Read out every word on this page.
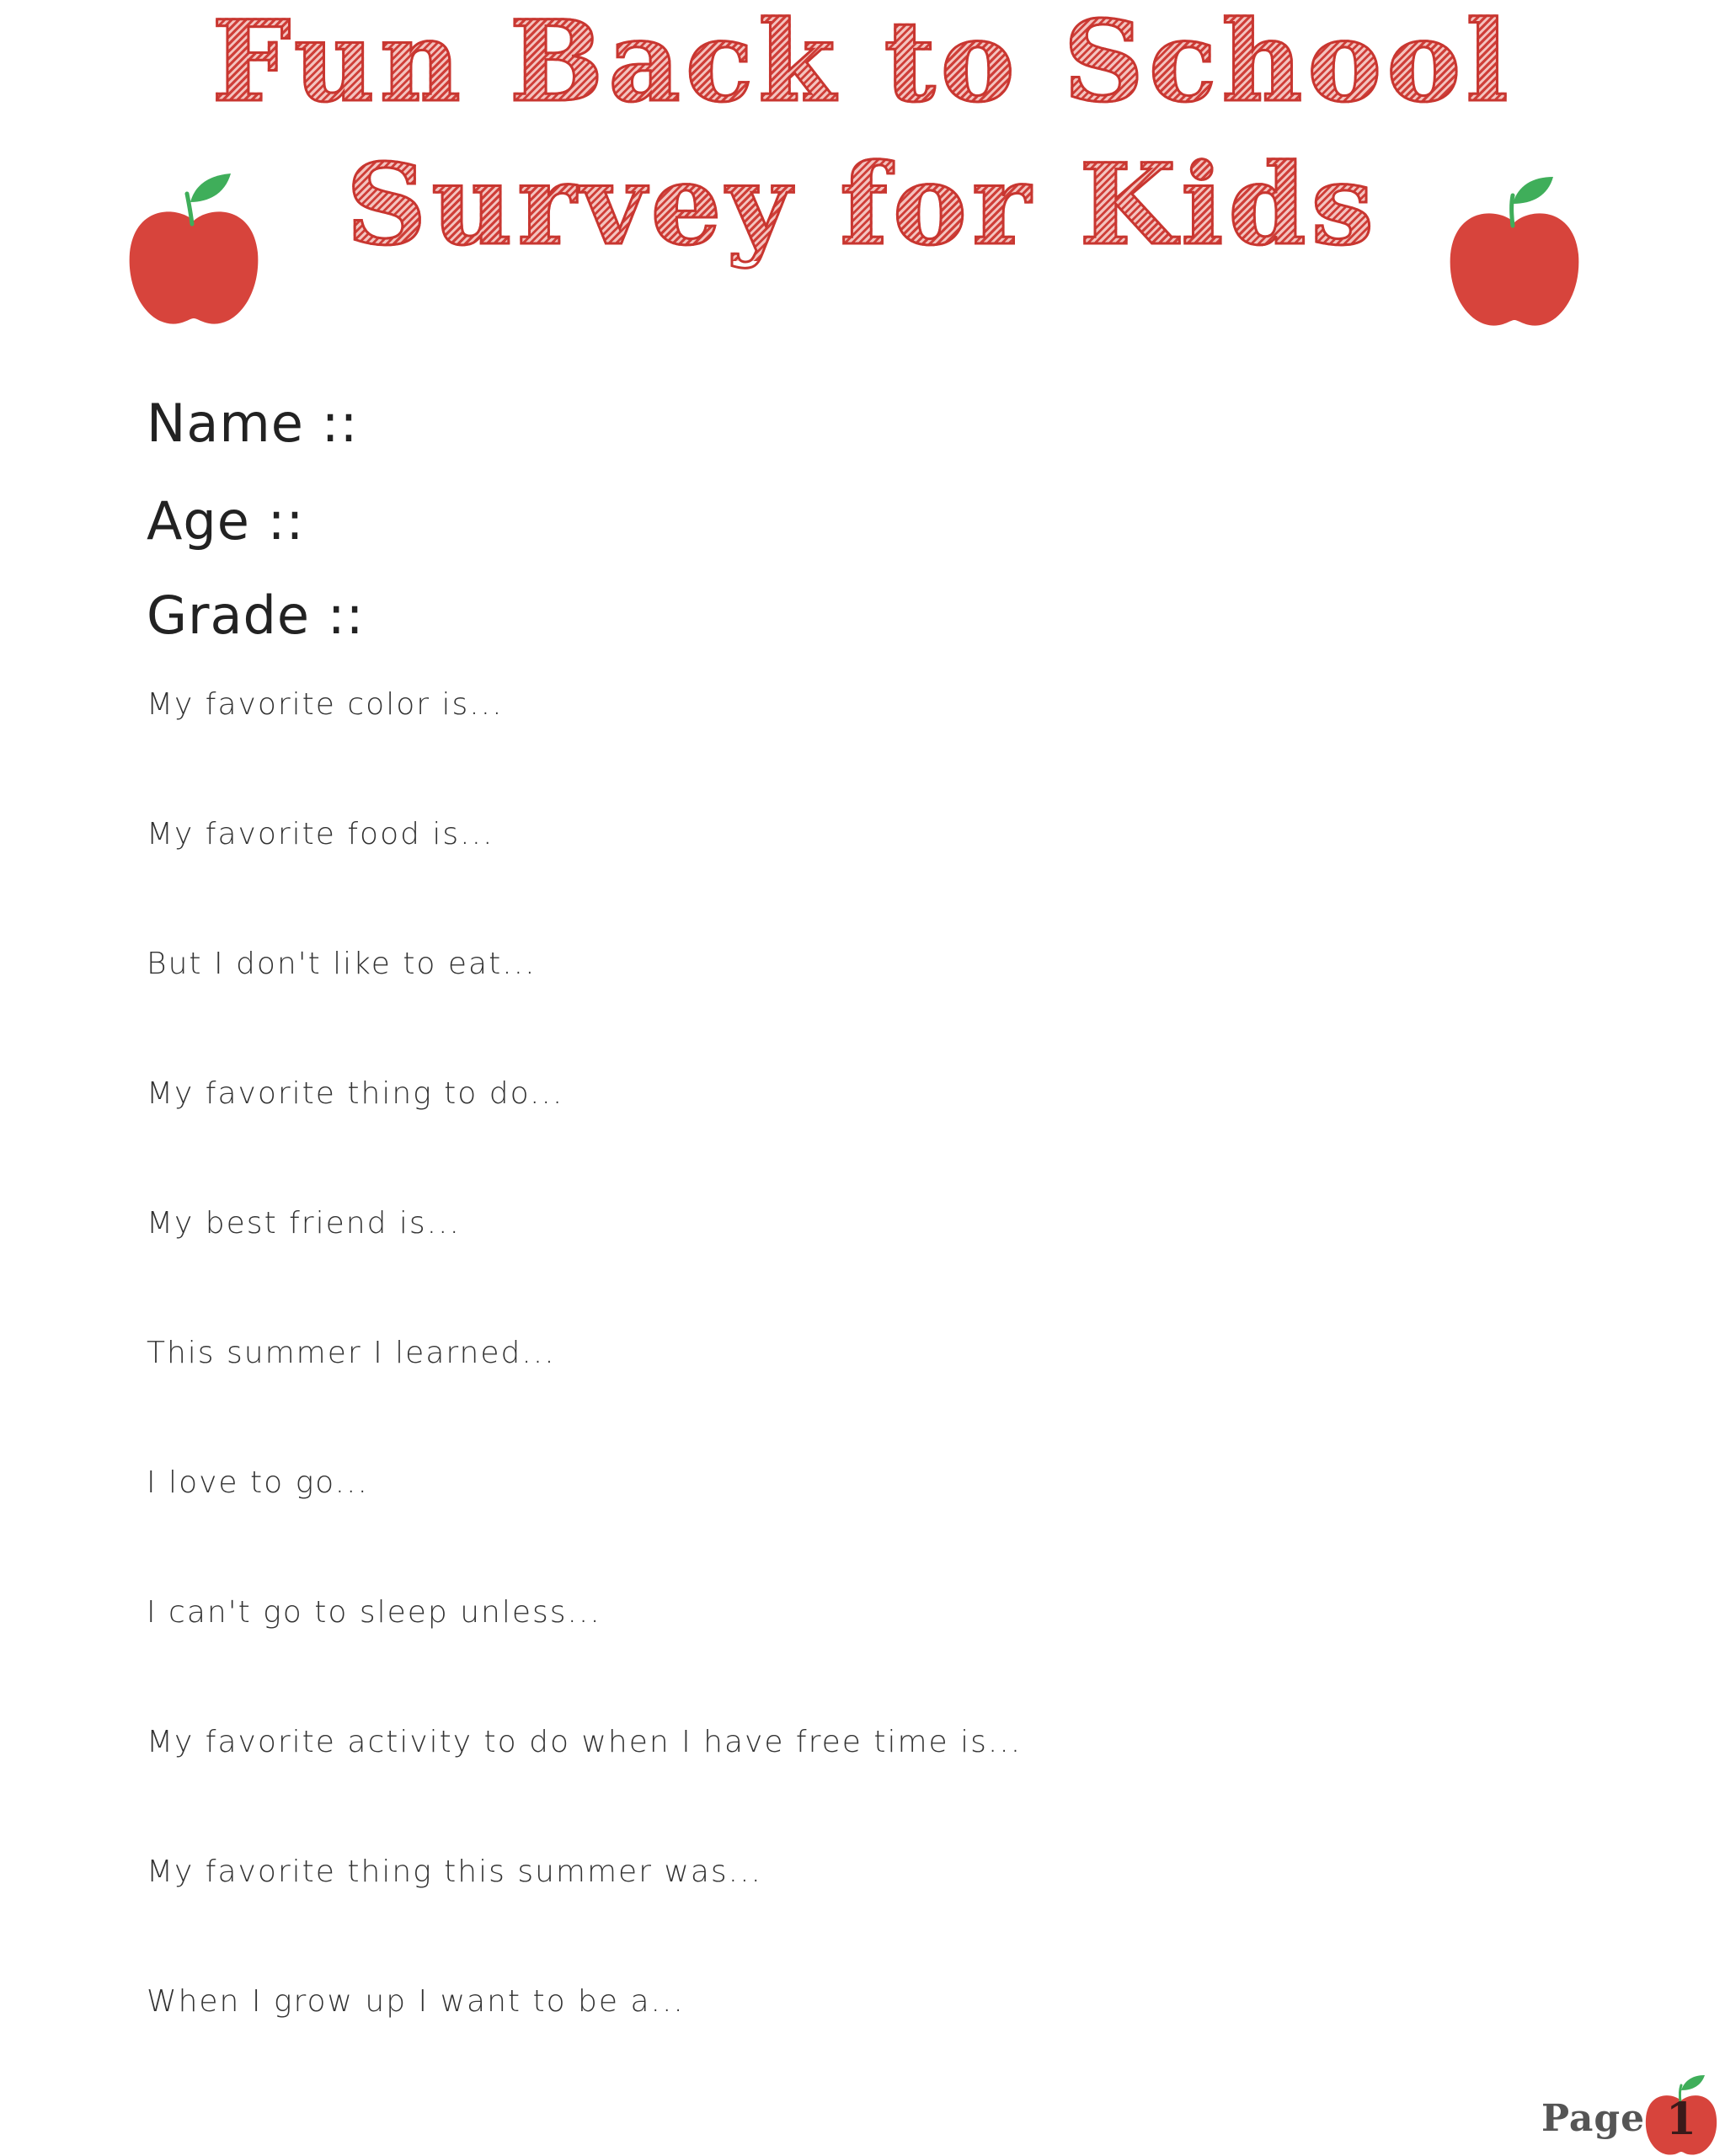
Fun Back to School
Survey for Kids
Name ::
Age ::
Grade ::
My favorite color is...
My favorite food is...
But I don't like to eat...
My favorite thing to do...
My best friend is...
This summer I learned...
I love to go...
I can't go to sleep unless...
My favorite activity to do when I have free time is...
My favorite thing this summer was...
When I grow up I want to be a...
Page 1
